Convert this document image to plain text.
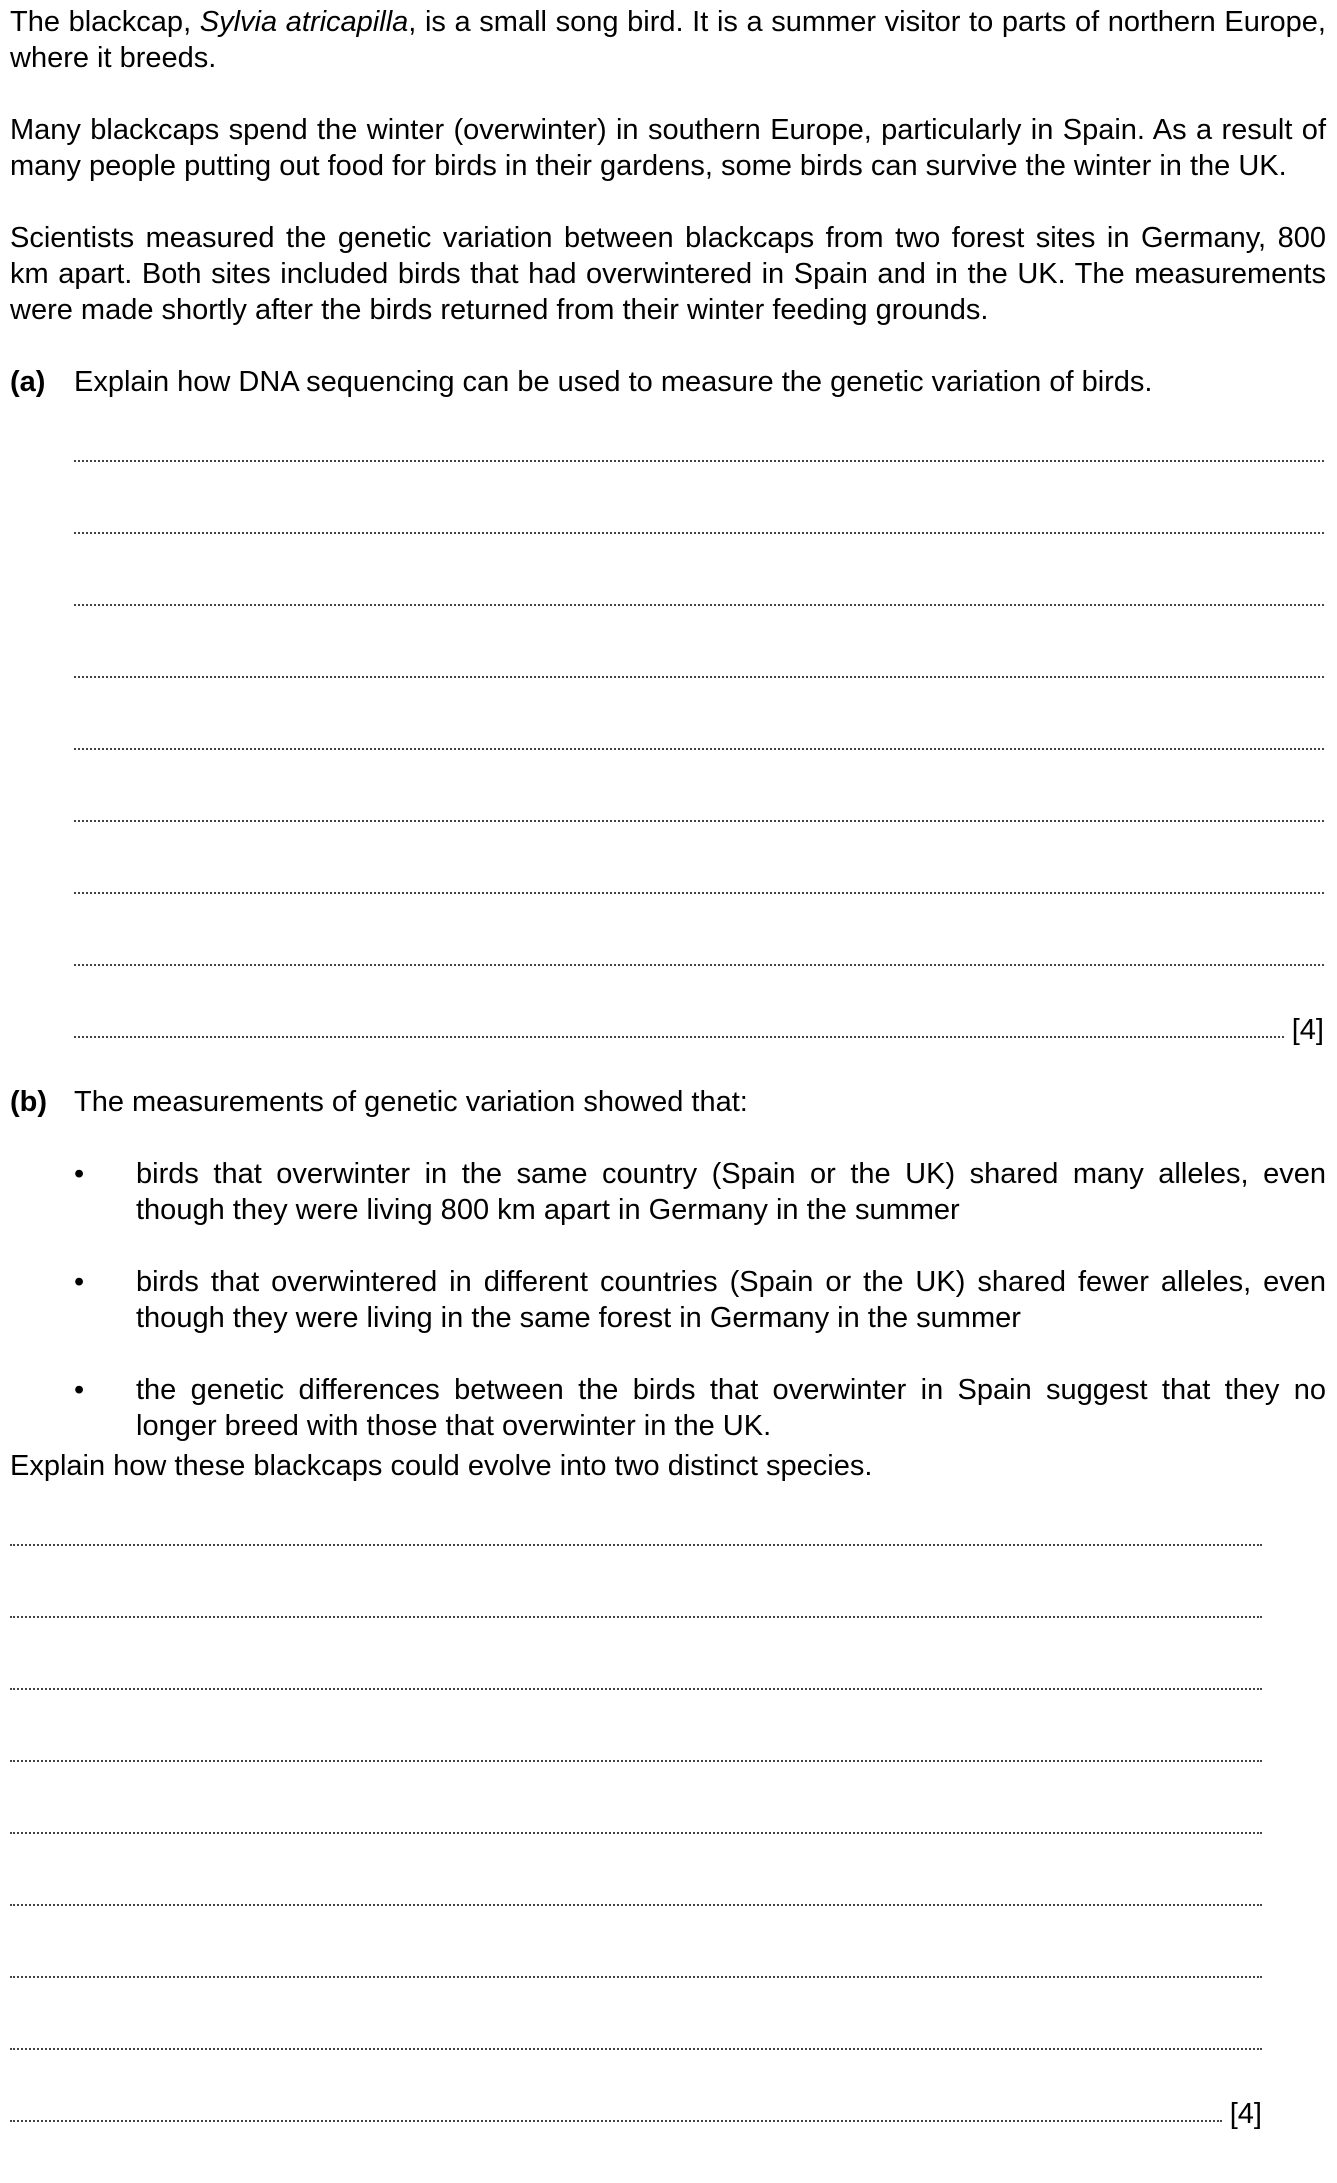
The blackcap, Sylvia atricapilla, is a small song bird. It is a summer visitor to parts of northern Europe, where it breeds.

Many blackcaps spend the winter (overwinter) in southern Europe, particularly in Spain. As a result of many people putting out food for birds in their gardens, some birds can survive the winter in the UK.

Scientists measured the genetic variation between blackcaps from two forest sites in Germany, 800 km apart. Both sites included birds that had overwintered in Spain and in the UK. The measurements were made shortly after the birds returned from their winter feeding grounds.

(a) Explain how DNA sequencing can be used to measure the genetic variation of birds.
[4]
(b) The measurements of genetic variation showed that:
•	birds that overwinter in the same country (Spain or the UK) shared many alleles, even though they were living 800 km apart in Germany in the summer
•	birds that overwintered in different countries (Spain or the UK) shared fewer alleles, even though they were living in the same forest in Germany in the summer
•	the genetic differences between the birds that overwinter in Spain suggest that they no longer breed with those that overwinter in the UK.

Explain how these blackcaps could evolve into two distinct species.

[4]
